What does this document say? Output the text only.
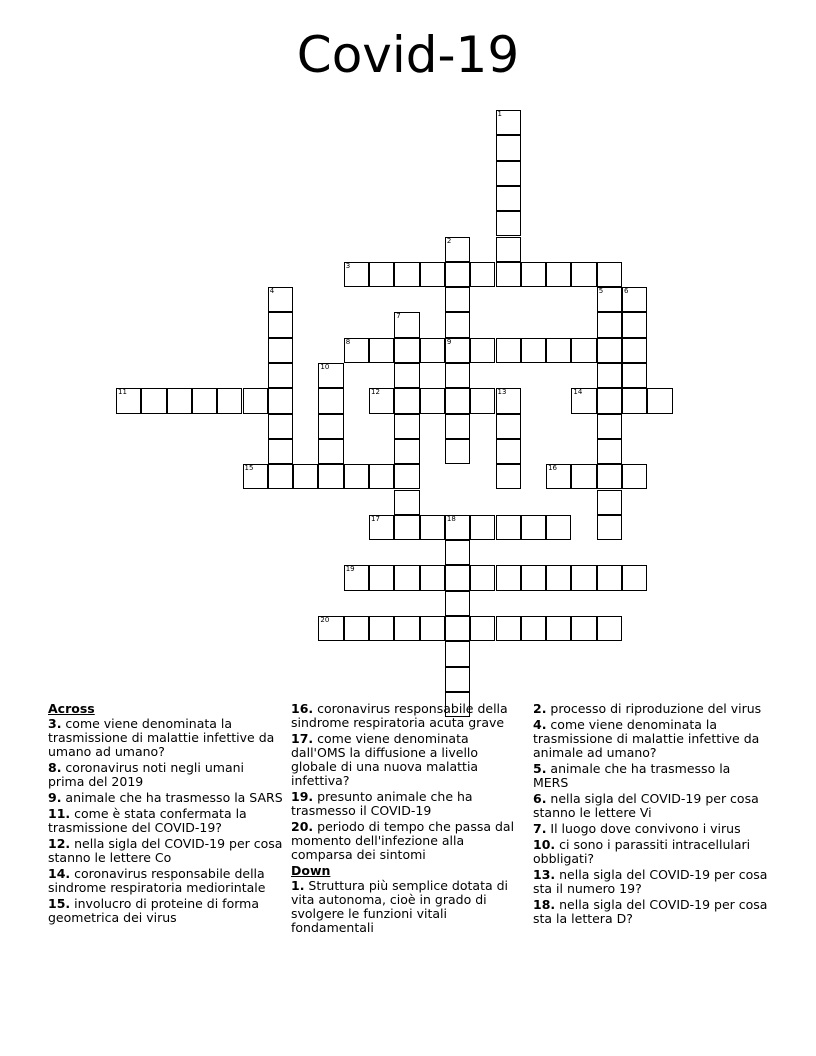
Covid-19
1
2
9
3
4	5	6
7
8
10
11	12	13	14
15	16
17	18
19
20
Across
3. come viene denominata la trasmissione di malattie infettive da umano ad umano?
8. coronavirus noti negli umani prima del 2019
9. animale che ha trasmesso la SARS
11. come è stata confermata la trasmissione del COVID-19?
12. nella sigla del COVID-19 per cosa stanno le lettere Co
14. coronavirus responsabile della sindrome respiratoria mediorintale
15. involucro di proteine di forma geometrica dei virus
16. coronavirus responsabile della sindrome respiratoria acuta grave
17. come viene denominata dall'OMS la diffusione a livello globale di una nuova malattia infettiva?
19. presunto animale che ha trasmesso il COVID-19
20. periodo di tempo che passa dal momento dell'infezione alla comparsa dei sintomi
Down
1. Struttura più semplice dotata di vita autonoma, cioè in grado di svolgere le funzioni vitali fondamentali
2. processo di riproduzione del virus
4. come viene denominata la trasmissione di malattie infettive da animale ad umano?
5. animale che ha trasmesso la MERS
6. nella sigla del COVID-19 per cosa stanno le lettere Vi
7. Il luogo dove convivono i virus
10. ci sono i parassiti intracellulari obbligati?
13. nella sigla del COVID-19 per cosa sta il numero 19?
18. nella sigla del COVID-19 per cosa sta la lettera D?
